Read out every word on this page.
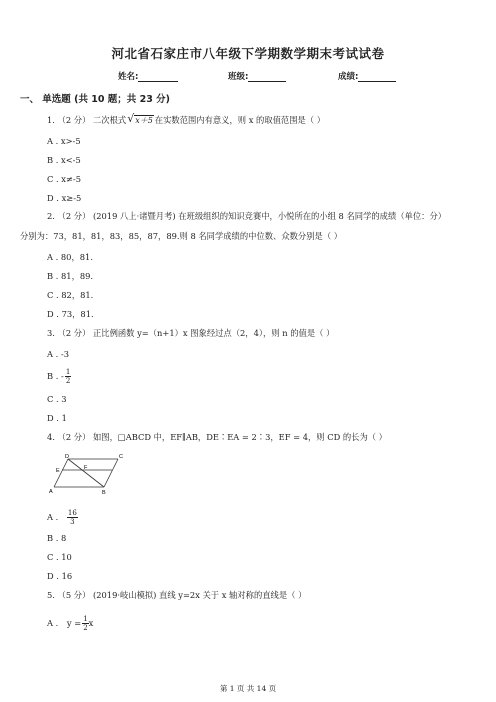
河北省石家庄市八年级下学期数学期末考试试卷
姓名:	班级:	成绩:
一、 单选题 (共 10 题；共 23 分)
1. （2 分） 二次根式 √ x＋5 在实数范围内有意义，则 x 的取值范围是（ ）
A . x>-5
B . x<-5
C . x≠-5
D . x≥-5
2. （2 分） (2019 八上·诸暨月考) 在班级组织的知识竞赛中，小悦所在的小组 8 名同学的成绩（单位：分）
分别为：73，81，81，83，85，87，89.则 8 名同学成绩的中位数、众数分别是（ ）
A . 80，81.
B . 81，89.
C . 82，81.
D . 73，81.
3. （2 分） 正比例函数 y=（n+1）x 图象经过点（2，4），则 n 的值是（ ）
A . -3
B . - $\frac{1}{2}$
C . 3
D . 1
4. （2 分） 如图，□ABCD 中，EF∥AB，DE∶EA = 2∶3，EF = 4，则 CD 的长为（ ）
D	C
E	F
A	B
A . $\frac{16}{3}$
B . 8
C . 10
D . 16
5. （5 分） (2019·岐山模拟) 直线 y=2x 关于 x 轴对称的直线是（ ）
A . $y = \frac{1}{2}$ x
第 1 页 共 14 页
